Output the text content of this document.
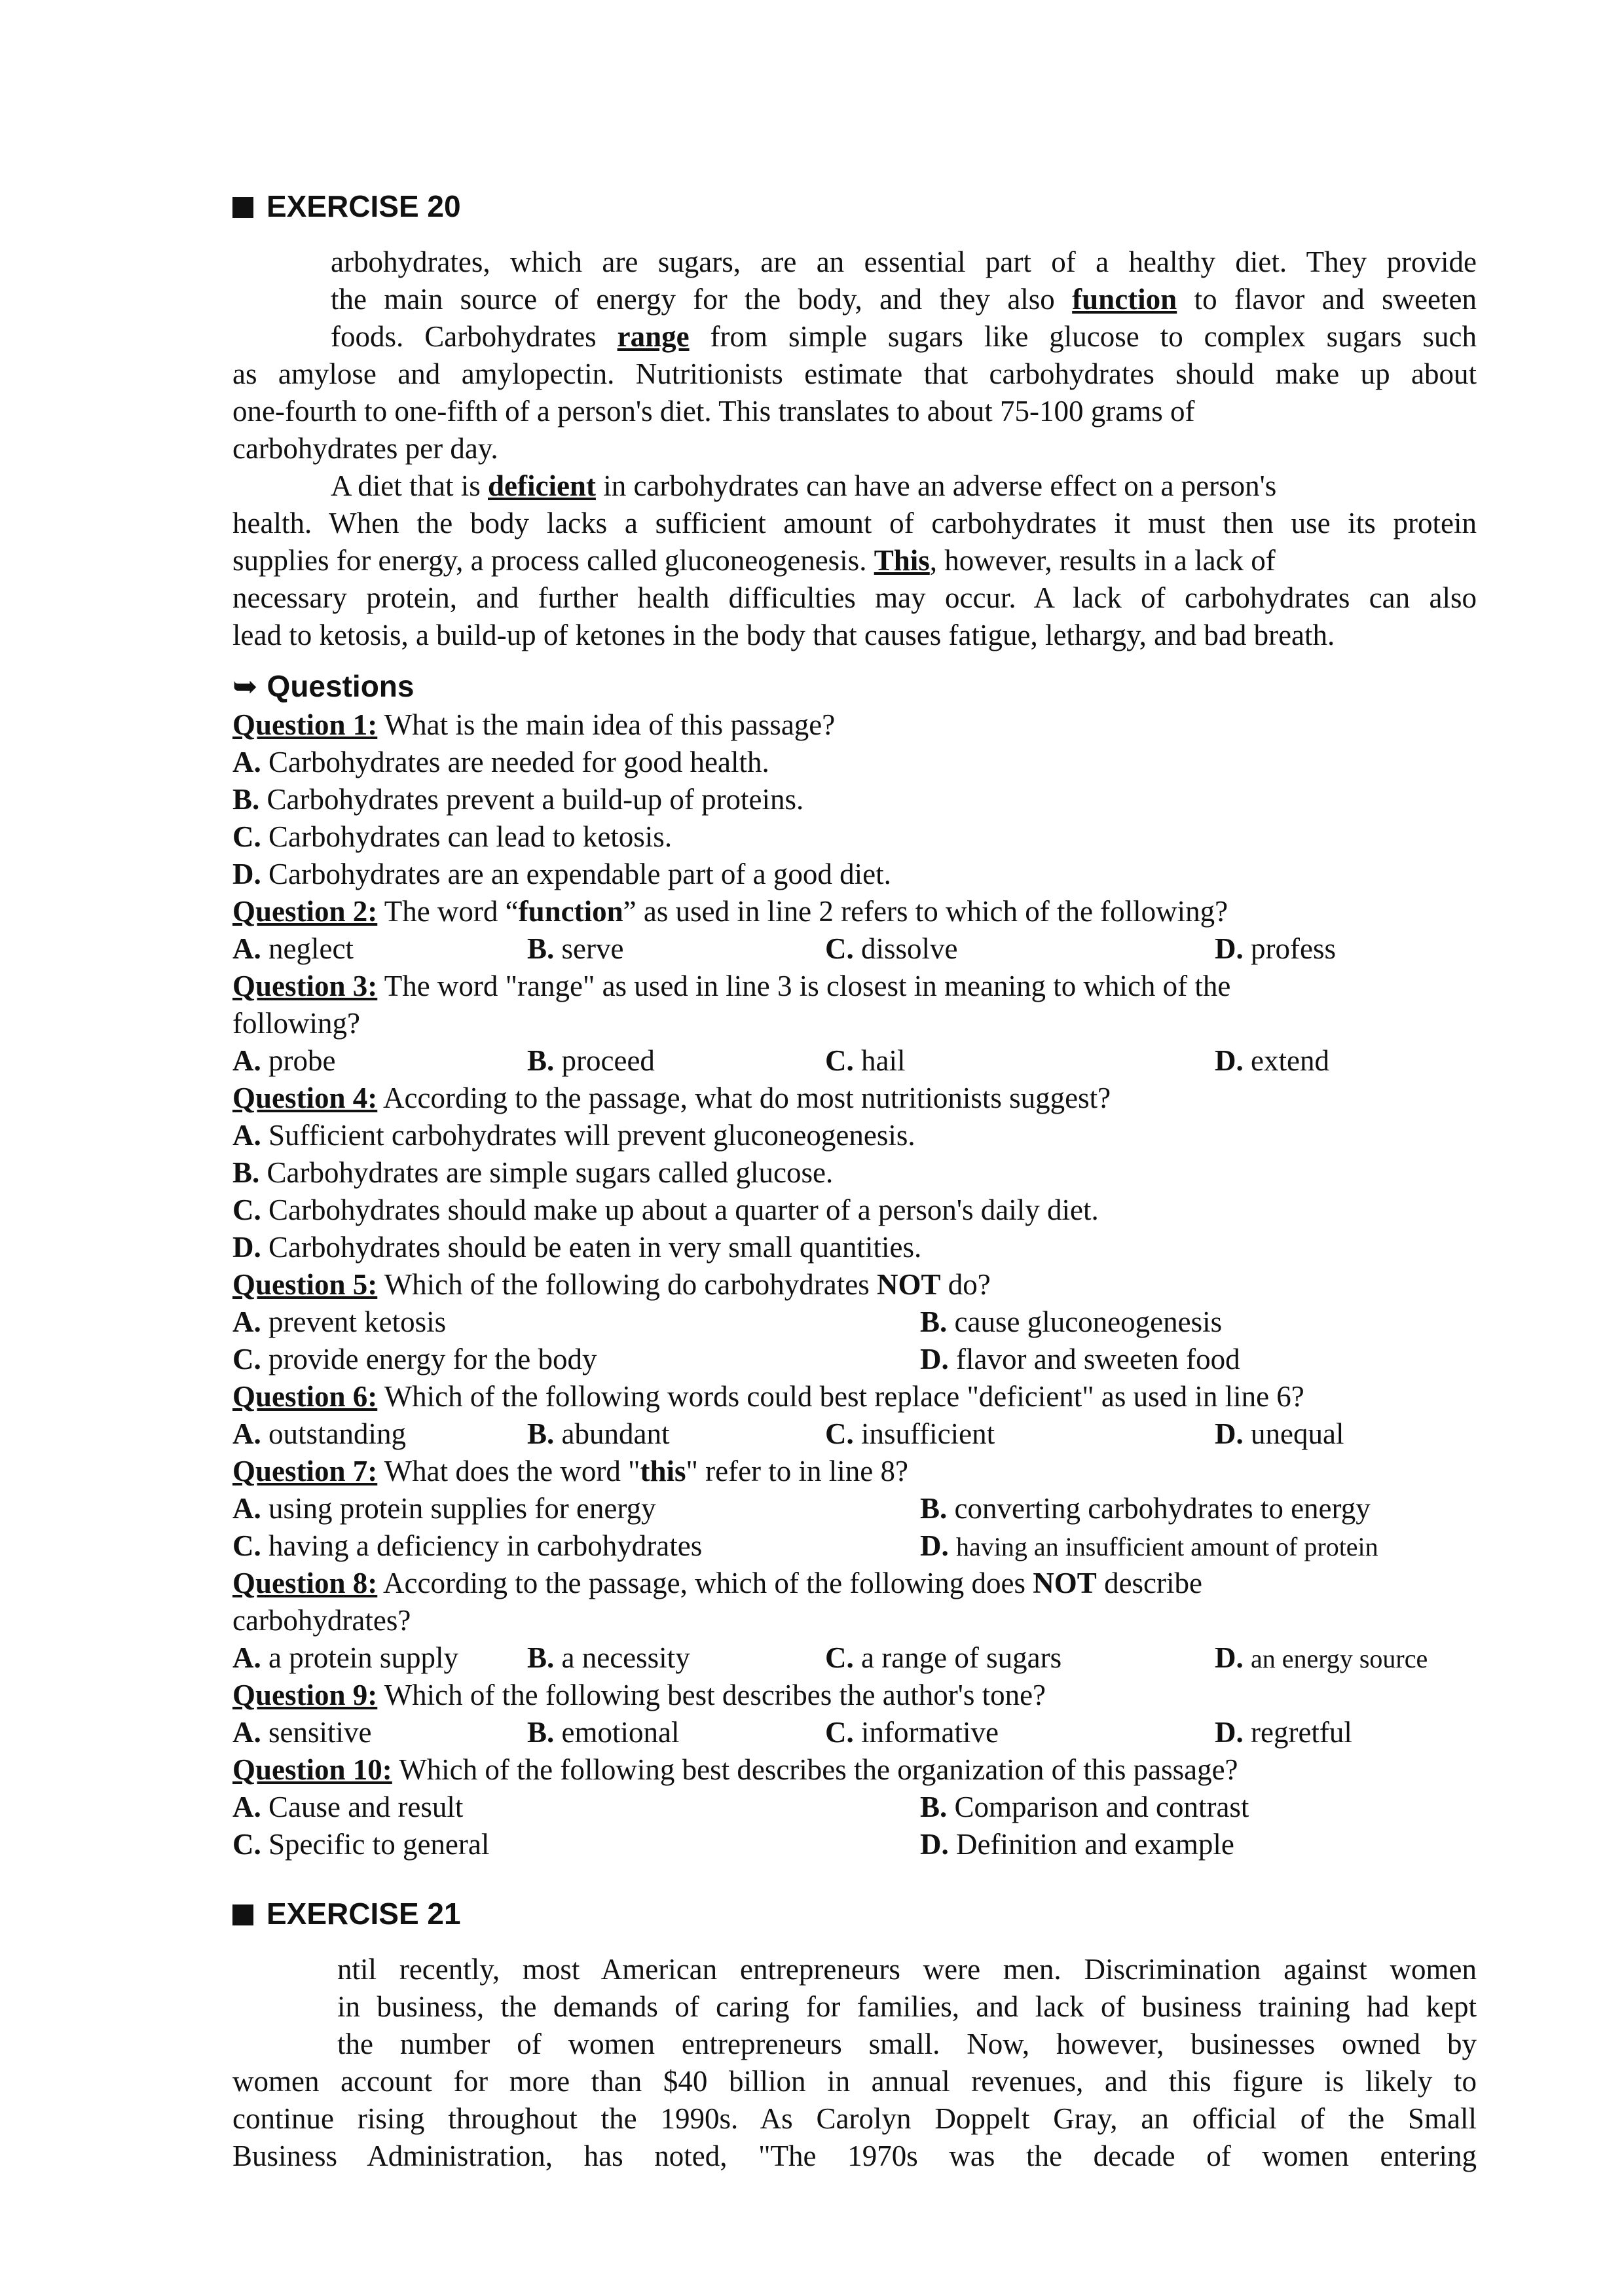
EXERCISE 20
arbohydrates, which are sugars, are an essential part of a healthy diet. They provide
the main source of energy for the body, and they also function to flavor and sweeten
foods. Carbohydrates range from simple sugars like glucose to complex sugars such
as amylose and amylopectin. Nutritionists estimate that carbohydrates should make up about
one-fourth to one-fifth of a person's diet. This translates to about 75-100 grams of
carbohydrates per day.
A diet that is deficient in carbohydrates can have an adverse effect on a person's
health. When the body lacks a sufficient amount of carbohydrates it must then use its protein
supplies for energy, a process called gluconeogenesis. This, however, results in a lack of
necessary protein, and further health difficulties may occur. A lack of carbohydrates can also
lead to ketosis, a build-up of ketones in the body that causes fatigue, lethargy, and bad breath.
➥ Questions
Question 1: What is the main idea of this passage?
A. Carbohydrates are needed for good health.
B. Carbohydrates prevent a build-up of proteins.
C. Carbohydrates can lead to ketosis.
D. Carbohydrates are an expendable part of a good diet.
Question 2: The word “function” as used in line 2 refers to which of the following?
A. neglect	B. serve	C. dissolve	D. profess
Question 3: The word "range" as used in line 3 is closest in meaning to which of the
following?
A. probe	B. proceed	C. hail	D. extend
Question 4: According to the passage, what do most nutritionists suggest?
A. Sufficient carbohydrates will prevent gluconeogenesis.
B. Carbohydrates are simple sugars called glucose.
C. Carbohydrates should make up about a quarter of a person's daily diet.
D. Carbohydrates should be eaten in very small quantities.
Question 5: Which of the following do carbohydrates NOT do?
A. prevent ketosis	B. cause gluconeogenesis
C. provide energy for the body	D. flavor and sweeten food
Question 6: Which of the following words could best replace "deficient" as used in line 6?
A. outstanding	B. abundant	C. insufficient	D. unequal
Question 7: What does the word "this" refer to in line 8?
A. using protein supplies for energy	B. converting carbohydrates to energy
C. having a deficiency in carbohydrates	D. having an insufficient amount of protein
Question 8: According to the passage, which of the following does NOT describe
carbohydrates?
A. a protein supply B. a necessity	C. a range of sugars	D. an energy source
Question 9: Which of the following best describes the author's tone?
A. sensitive	B. emotional	C. informative	D. regretful
Question 10: Which of the following best describes the organization of this passage?
A. Cause and result	B. Comparison and contrast
C. Specific to general	D. Definition and example
EXERCISE 21
ntil recently, most American entrepreneurs were men. Discrimination against women
in business, the demands of caring for families, and lack of business training had kept
the number of women entrepreneurs small. Now, however, businesses owned by
women account for more than $40 billion in annual revenues, and this figure is likely to
continue rising throughout the 1990s. As Carolyn Doppelt Gray, an official of the Small
Business Administration, has noted, "The 1970s was the decade of women entering
